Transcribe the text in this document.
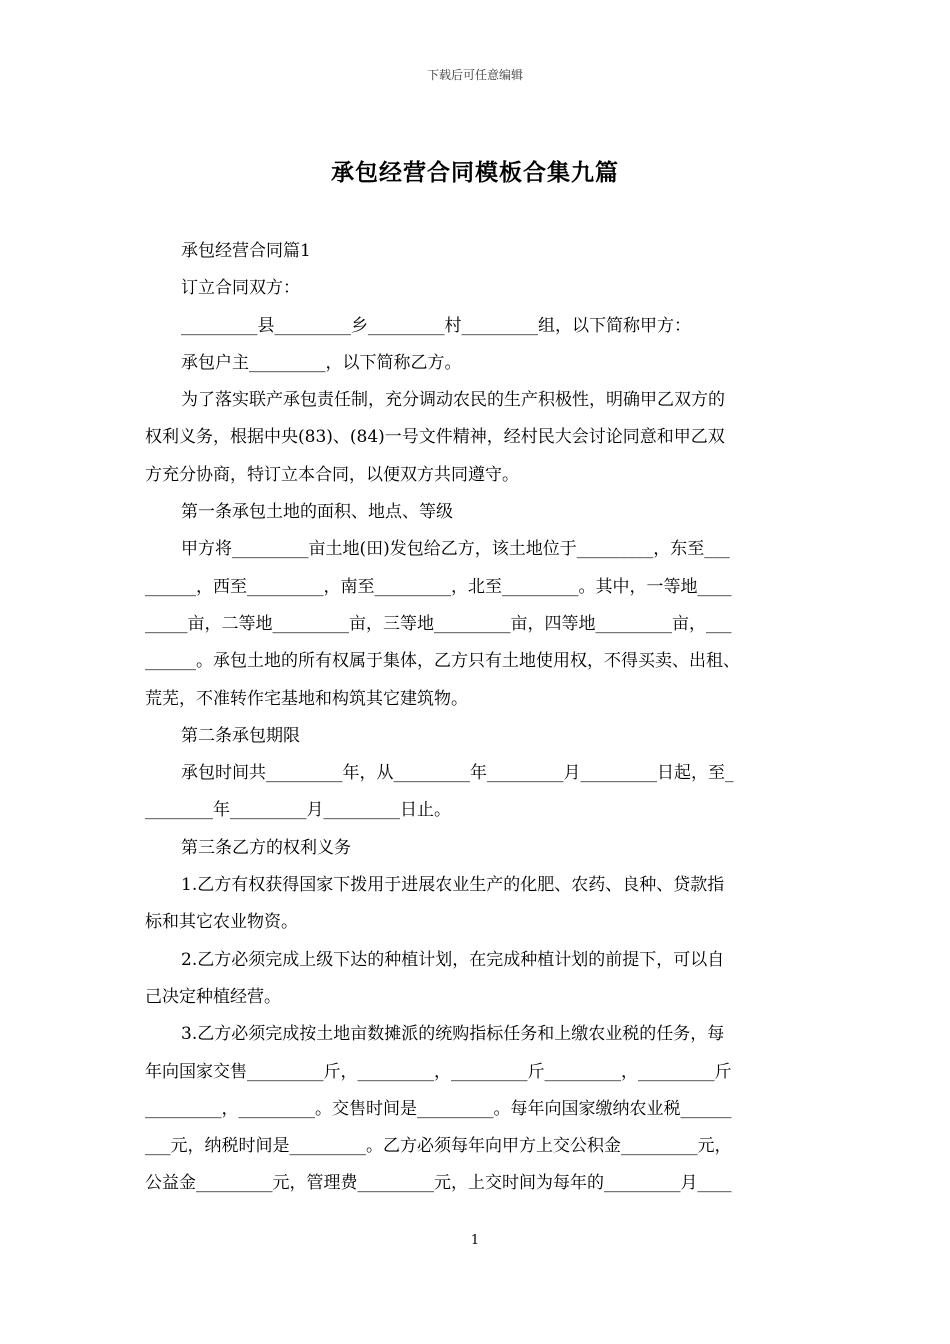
下载后可任意编辑
承包经营合同模板合集九篇
承包经营合同篇1
订立合同双方：
_________县_________乡_________村_________组，以下简称甲方：
承包户主_________，以下简称乙方。
为了落实联产承包责任制，充分调动农民的生产积极性，明确甲乙双方的
权利义务，根据中央(83)、(84)一号文件精神，经村民大会讨论同意和甲乙双
方充分协商，特订立本合同，以便双方共同遵守。
第一条承包土地的面积、地点、等级
甲方将_________亩土地(田)发包给乙方，该土地位于_________，东至___
______，西至_________，南至_________，北至_________。其中，一等地____
_____亩，二等地_________亩，三等地_________亩，四等地_________亩，___
______。承包土地的所有权属于集体，乙方只有土地使用权，不得买卖、出租、
荒芜，不准转作宅基地和构筑其它建筑物。
第二条承包期限
承包时间共_________年，从_________年_________月_________日起，至_
________年_________月_________日止。
第三条乙方的权利义务
1.乙方有权获得国家下拨用于进展农业生产的化肥、农药、良种、贷款指
标和其它农业物资。
2.乙方必须完成上级下达的种植计划，在完成种植计划的前提下，可以自
己决定种植经营。
3.乙方必须完成按土地亩数摊派的统购指标任务和上缴农业税的任务，每
年向国家交售_________斤，_________，_________斤_________，_________斤
_________，_________。交售时间是_________。每年向国家缴纳农业税______
___元，纳税时间是_________。乙方必须每年向甲方上交公积金_________元，
公益金_________元，管理费_________元，上交时间为每年的_________月____
1
